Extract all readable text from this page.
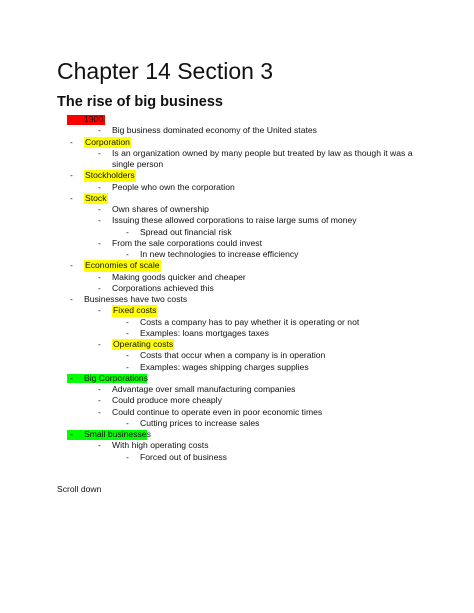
Chapter 14 Section 3
The rise of big business
- 1900
- Big business dominated economy of the United states
- Corporation
- Is an organization owned by many people but treated by law as though it was a
single person
- Stockholders
- People who own the corporation
- Stock
- Own shares of ownership
- Issuing these allowed corporations to raise large sums of money
- Spread out financial risk
- From the sale corporations could invest
- In new technologies to increase efficiency
- Economies of scale
- Making goods quicker and cheaper
- Corporations achieved this
- Businesses have two costs
- Fixed costs
- Costs a company has to pay whether it is operating or not
- Examples: loans mortgages taxes
- Operating costs
- Costs that occur when a company is in operation
- Examples: wages shipping charges supplies
- Big Corporations
- Advantage over small manufacturing companies
- Could produce more cheaply
- Could continue to operate even in poor economic times
- Cutting prices to increase sales
- Small businesses
- With high operating costs
- Forced out of business
Scroll down
